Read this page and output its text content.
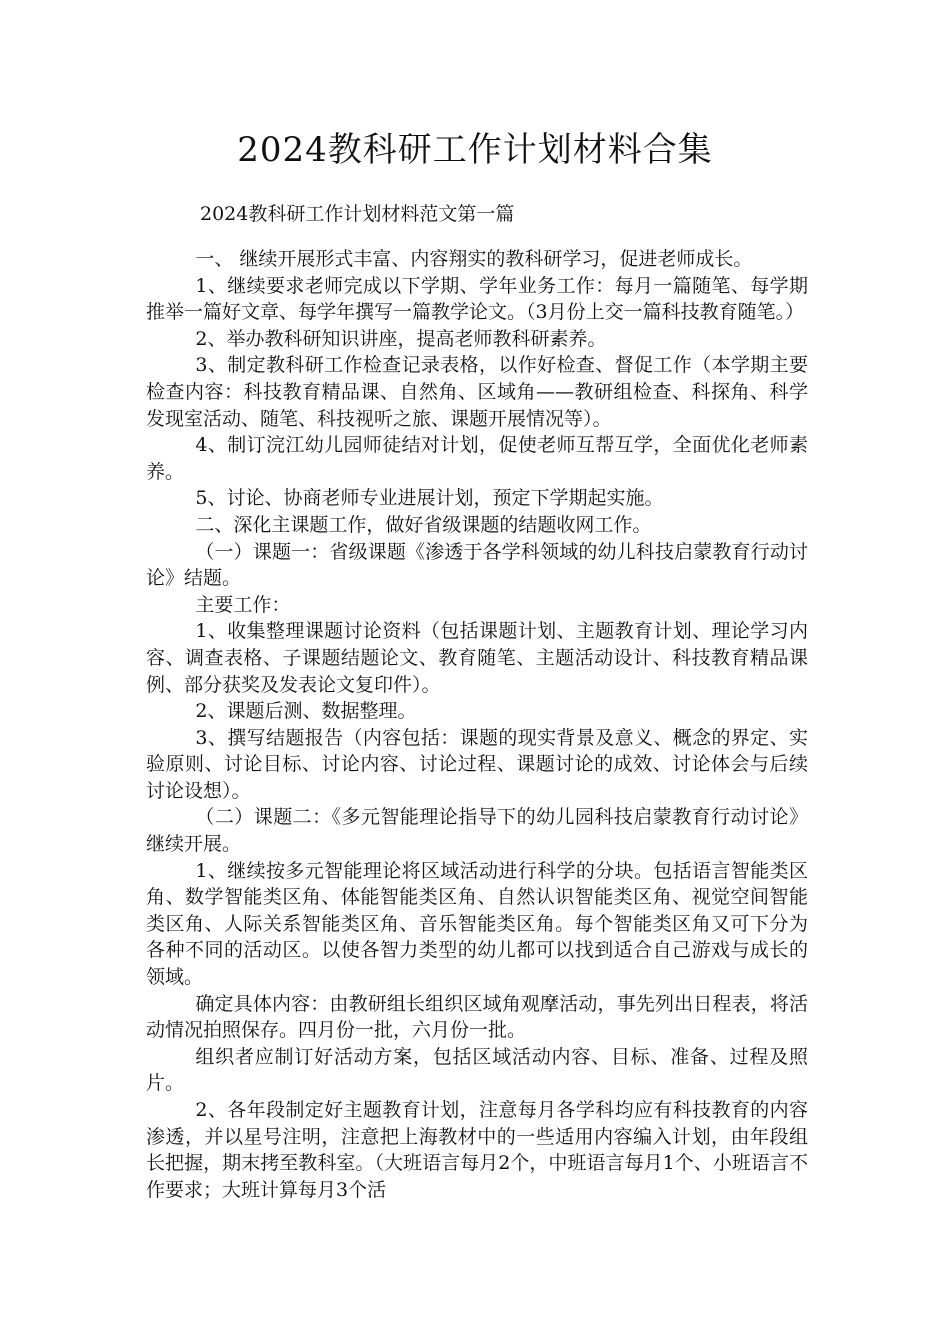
2024教科研工作计划材料合集

2024教科研工作计划材料范文第一篇

一、 继续开展形式丰富、内容翔实的教科研学习，促进老师成长。

1、继续要求老师完成以下学期、学年业务工作：每月一篇随笔、每学期推举一篇好文章、每学年撰写一篇教学论文。（3月份上交一篇科技教育随笔。）

2、举办教科研知识讲座，提高老师教科研素养。

3、制定教科研工作检查记录表格，以作好检查、督促工作（本学期主要检查内容：科技教育精品课、自然角、区域角——教研组检查、科探角、科学发现室活动、随笔、科技视听之旅、课题开展情况等）。

4、制订浣江幼儿园师徒结对计划，促使老师互帮互学，全面优化老师素养。

5、讨论、协商老师专业进展计划，预定下学期起实施。

二、深化主课题工作，做好省级课题的结题收网工作。

（一）课题一：省级课题《渗透于各学科领域的幼儿科技启蒙教育行动讨论》结题。

主要工作：

1、收集整理课题讨论资料（包括课题计划、主题教育计划、理论学习内容、调查表格、子课题结题论文、教育随笔、主题活动设计、科技教育精品课例、部分获奖及发表论文复印件）。

2、课题后测、数据整理。

3、撰写结题报告（内容包括：课题的现实背景及意义、概念的界定、实验原则、讨论目标、讨论内容、讨论过程、课题讨论的成效、讨论体会与后续讨论设想）。

（二）课题二：《多元智能理论指导下的幼儿园科技启蒙教育行动讨论》继续开展。

1、继续按多元智能理论将区域活动进行科学的分块。包括语言智能类区角、数学智能类区角、体能智能类区角、自然认识智能类区角、视觉空间智能类区角、人际关系智能类区角、音乐智能类区角。每个智能类区角又可下分为各种不同的活动区。以使各智力类型的幼儿都可以找到适合自己游戏与成长的领域。

确定具体内容：由教研组长组织区域角观摩活动，事先列出日程表，将活动情况拍照保存。四月份一批，六月份一批。

组织者应制订好活动方案，包括区域活动内容、目标、准备、过程及照片。

2、各年段制定好主题教育计划，注意每月各学科均应有科技教育的内容渗透，并以星号注明，注意把上海教材中的一些适用内容编入计划，由年段组长把握，期末拷至教科室。（大班语言每月2个，中班语言每月1个、小班语言不作要求；大班计算每月3个活
